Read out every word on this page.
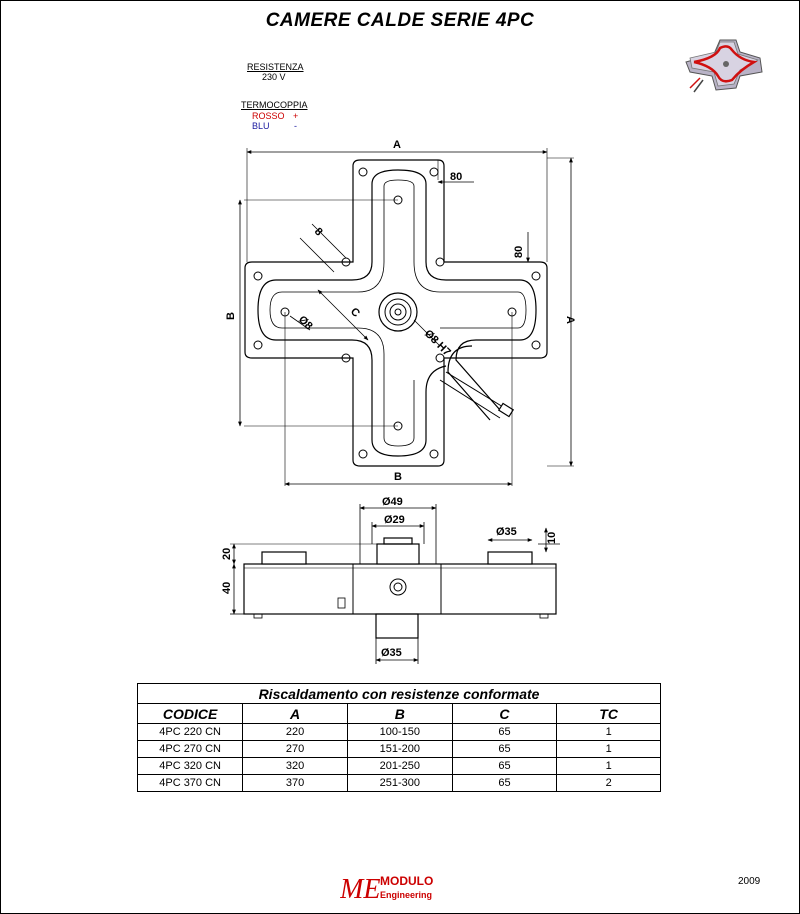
CAMERE CALDE SERIE 4PC
RESISTENZA
230 V
TERMOCOPPIA
ROSSO +
BLU	-
A
80
80
B	A
B
C
8
Ø8
Ø8 H7
Ø49
Ø29
Ø35	10
20
40
Ø35
Riscaldamento con resistenze conformate				
CODICE	A	B	C	TC
4PC 220 CN	220	100-150	65	1
4PC 270 CN	270	151-200	65	1
4PC 320 CN	320	201-250	65	1
4PC 370 CN	370	251-300	65	2
ME MODULO
Engineering
2009
